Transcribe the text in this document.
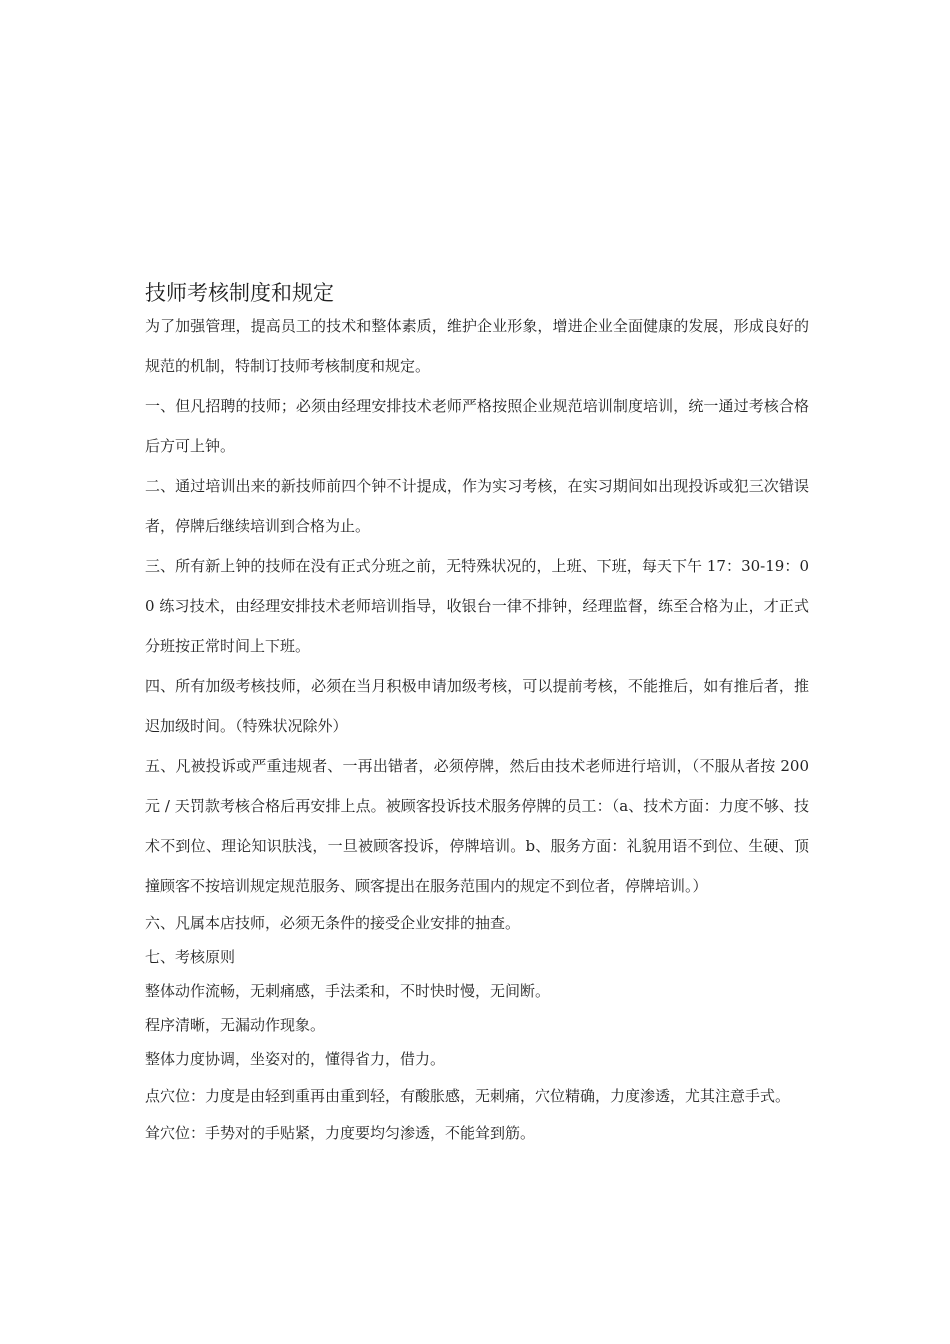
技师考核制度和规定

为了加强管理，提高员工的技术和整体素质，维护企业形象，增进企业全面健康的发展，形成良好的规范的机制，特制订技师考核制度和规定。

一、但凡招聘的技师；必须由经理安排技术老师严格按照企业规范培训制度培训，统一通过考核合格后方可上钟。

二、通过培训出来的新技师前四个钟不计提成，作为实习考核，在实习期间如出现投诉或犯三次错误者，停牌后继续培训到合格为止。

三、所有新上钟的技师在没有正式分班之前，无特殊状况的，上班、下班，每天下午 17：30-19：00 练习技术，由经理安排技术老师培训指导，收银台一律不排钟，经理监督，练至合格为止，才正式分班按正常时间上下班。

四、所有加级考核技师，必须在当月积极申请加级考核，可以提前考核，不能推后，如有推后者，推迟加级时间。（特殊状况除外）

五、凡被投诉或严重违规者、一再出错者，必须停牌，然后由技术老师进行培训，（不服从者按 200 元 / 天罚款考核合格后再安排上点。被顾客投诉技术服务停牌的员工：（a、技术方面：力度不够、技术不到位、理论知识肤浅，一旦被顾客投诉，停牌培训。b、服务方面：礼貌用语不到位、生硬、顶撞顾客不按培训规定规范服务、顾客提出在服务范围内的规定不到位者，停牌培训。）

六、凡属本店技师，必须无条件的接受企业安排的抽查。

七、考核原则

整体动作流畅，无刺痛感，手法柔和，不时快时慢，无间断。

程序清晰，无漏动作现象。

整体力度协调，坐姿对的，懂得省力，借力。

点穴位：力度是由轻到重再由重到轻，有酸胀感，无刺痛，穴位精确，力度渗透，尤其注意手式。

耸穴位：手势对的手贴紧，力度要均匀渗透，不能耸到筋。
